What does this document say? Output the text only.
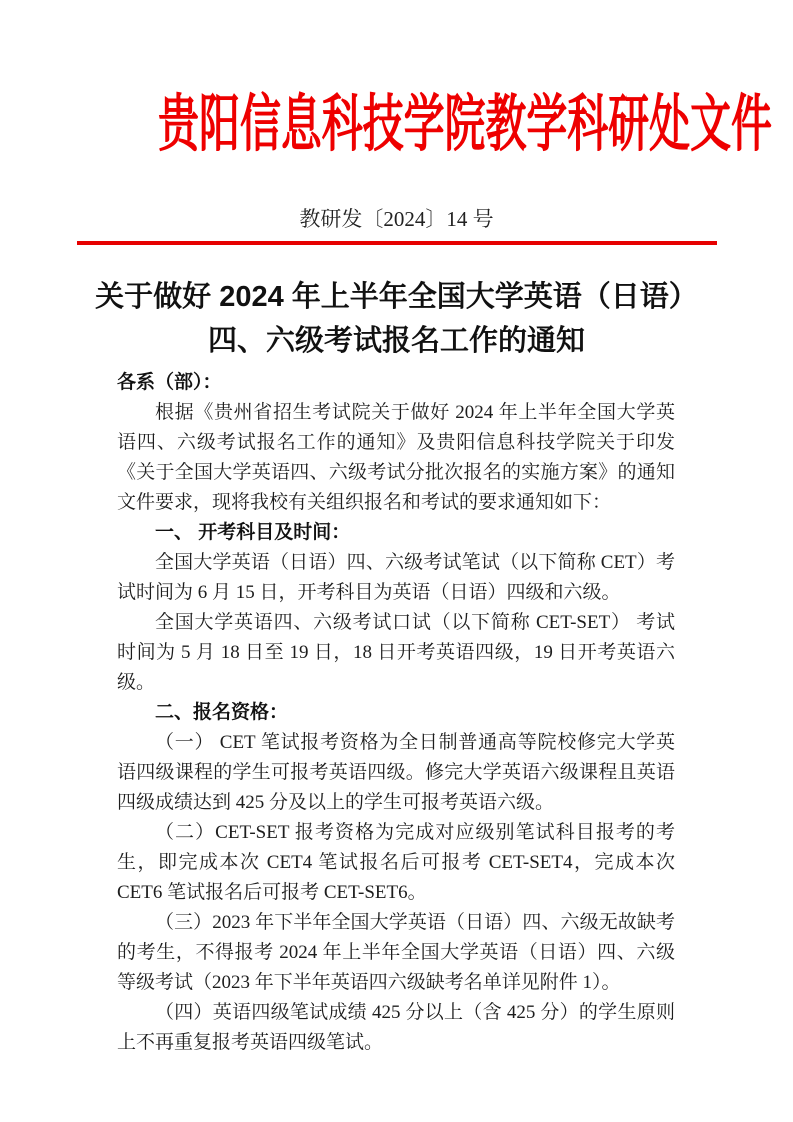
贵阳信息科技学院教学科研处文件
教研发〔2024〕14 号
关于做好 2024 年上半年全国大学英语（日语）
四、六级考试报名工作的通知

各系（部）：

根据《贵州省招生考试院关于做好 2024 年上半年全国大学英语四、六级考试报名工作的通知》及贵阳信息科技学院关于印发《关于全国大学英语四、六级考试分批次报名的实施方案》的通知文件要求，现将我校有关组织报名和考试的要求通知如下：

一、 开考科目及时间：

全国大学英语（日语）四、六级考试笔试（以下简称 CET）考试时间为 6 月 15 日，开考科目为英语（日语）四级和六级。

全国大学英语四、六级考试口试（以下简称 CET-SET） 考试时间为 5 月 18 日至 19 日，18 日开考英语四级，19 日开考英语六级。

二、报名资格：

（一） CET 笔试报考资格为全日制普通高等院校修完大学英语四级课程的学生可报考英语四级。修完大学英语六级课程且英语四级成绩达到 425 分及以上的学生可报考英语六级。

（二）CET-SET 报考资格为完成对应级别笔试科目报考的考生，即完成本次 CET4 笔试报名后可报考 CET-SET4，完成本次 CET6 笔试报名后可报考 CET-SET6。

（三）2023 年下半年全国大学英语（日语）四、六级无故缺考的考生，不得报考 2024 年上半年全国大学英语（日语）四、六级等级考试（2023 年下半年英语四六级缺考名单详见附件 1）。

（四）英语四级笔试成绩 425 分以上（含 425 分）的学生原则上不再重复报考英语四级笔试。
